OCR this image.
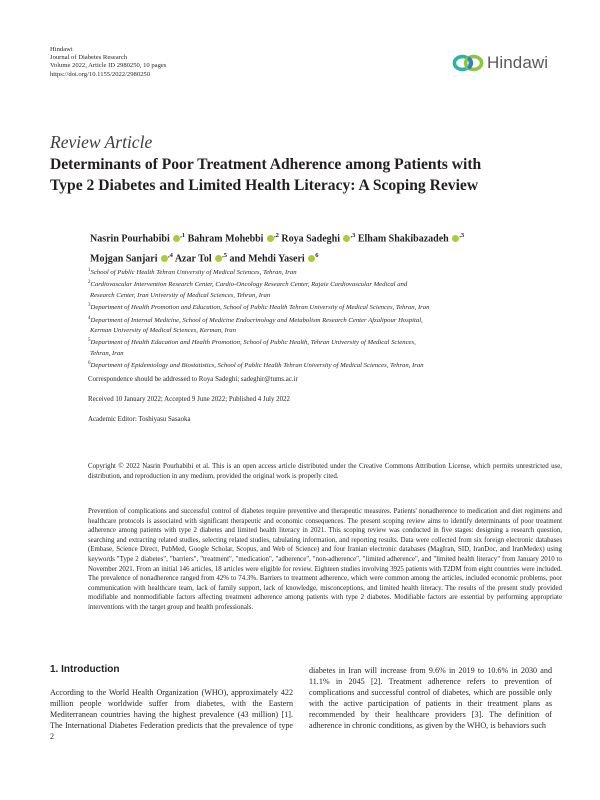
Hindawi
Journal of Diabetes Research
Volume 2022, Article ID 2980250, 10 pages
https://doi.org/10.1155/2022/2980250
Hindawi
Review Article
Determinants of Poor Treatment Adherence among Patients with
Type 2 Diabetes and Limited Health Literacy: A Scoping Review
Nasrin Pourhabibi $^{,1}$ Bahram Mohebbi $^{,2}$ Roya Sadeghi $^{,3}$ Elham Shakibazadeh $^{,3}$
Mojgan Sanjari $^{,4}$ Azar Tol $^{,5}$ and Mehdi Yaseri $^6$
$^1$School of Public Health Tehran University of Medical Sciences, Tehran, Iran
$^2$Cardiovascular Intervention Research Center, Cardio-Oncology Research Center, Rajaie Cardiovascular Medical and
Research Center, Iran University of Medical Sciences, Tehran, Iran
$^3$Department of Health Promotion and Education, School of Public Health Tehran University of Medical Sciences, Tehran, Iran
$^4$Department of Internal Medicine, School of Medicine Endocrinology and Metabolism Research Center Afzalipour Hospital,
Kerman University of Medical Sciences, Kerman, Iran
$^5$Department of Health Education and Health Promotion, School of Public Health, Tehran University of Medical Sciences,
Tehran, Iran
$^6$Department of Epidemiology and Biostatistics, School of Public Health Tehran University of Medical Sciences, Tehran, Iran
Correspondence should be addressed to Roya Sadeghi; sadeghir@tums.ac.ir
Received 10 January 2022; Accepted 9 June 2022; Published 4 July 2022
Academic Editor: Toshiyasu Sasaoka
Copyright © 2022 Nasrin Pourhabibi et al. This is an open access article distributed under the Creative Commons Attribution License, which permits unrestricted use, distribution, and reproduction in any medium, provided the original work is properly cited.
Prevention of complications and successful control of diabetes require preventive and therapeutic measures. Patients' nonadherence to medication and diet regimens and healthcare protocols is associated with significant therapeutic and economic consequences. The present scoping review aims to identify determinants of poor treatment adherence among patients with type 2 diabetes and limited health literacy in 2021. This scoping review was conducted in five stages: designing a research question, searching and extracting related studies, selecting related studies, tabulating information, and reporting results. Data were collected from six foreign electronic databases (Embase, Science Direct, PubMed, Google Scholar, Scopus, and Web of Science) and four Iranian electronic databases (MagIran, SID, IranDoc, and IranMedex) using keywords "Type 2 diabetes", "barriers", "treatment", "medication", "adherence", "non-adherence", "limited adherence", and "limited health literacy" from January 2010 to November 2021. From an initial 146 articles, 18 articles were eligible for review. Eighteen studies involving 3925 patients with T2DM from eight countries were included. The prevalence of nonadherence ranged from 42% to 74.3%. Barriers to treatment adherence, which were common among the articles, included economic problems, poor communication with healthcare team, lack of family support, lack of knowledge, misconceptions, and limited health literacy. The results of the present study provided modifiable and nonmodifiable factors affecting treatment adherence among patients with type 2 diabetes. Modifiable factors are essential by performing appropriate interventions with the target group and health professionals.
1. Introduction
According to the World Health Organization (WHO), approximately 422 million people worldwide suffer from diabetes, with the Eastern Mediterranean countries having the highest prevalence (43 million) [1]. The International Diabetes Federation predicts that the prevalence of type 2
diabetes in Iran will increase from 9.6% in 2019 to 10.6% in 2030 and 11.1% in 2045 [2]. Treatment adherence refers to prevention of complications and successful control of diabetes, which are possible only with the active participation of patients in their treatment plans as recommended by their healthcare providers [3]. The definition of adherence in chronic conditions, as given by the WHO, is behaviors such
